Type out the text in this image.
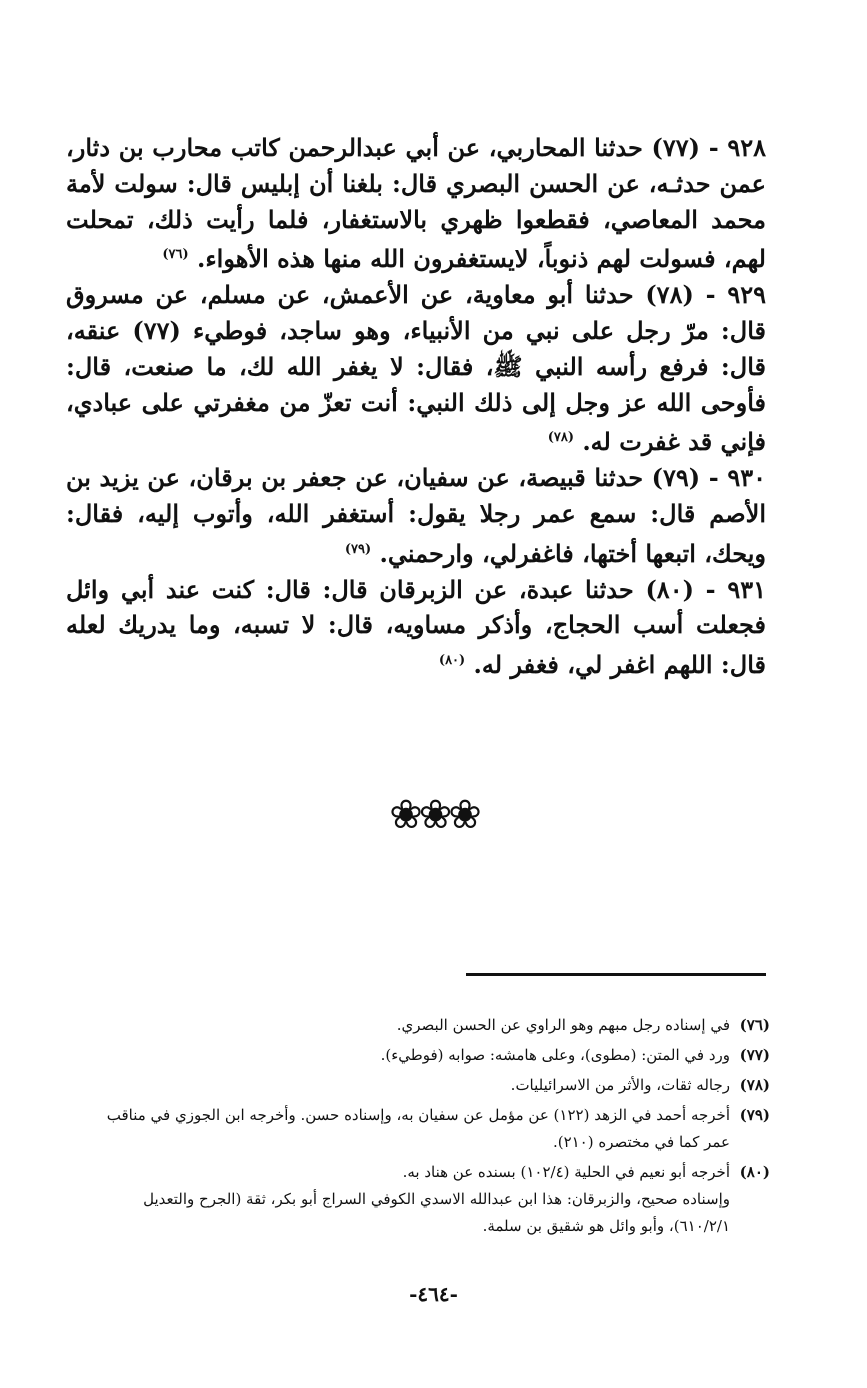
٩٢٨ - (٧٧) حدثنا المحاربي، عن أبي عبدالرحمن كاتب محارب بن دثار، عمن حدثـه، عن الحسن البصري قال: بلغنا أن إبليس قال: سولت لأمة محمد المعاصي، فقطعوا ظهري بالاستغفار، فلما رأيت ذلك، تمحلت لهم، فسولت لهم ذنوباً، لايستغفرون الله منها هذه الأهواء. $^{(٧٦)}$

٩٢٩ - (٧٨) حدثنا أبو معاوية، عن الأعمش، عن مسلم، عن مسروق قال: مرّ رجل على نبي من الأنبياء، وهو ساجد، فوطيء (٧٧) عنقه، قال: فرفع رأسه النبي ﷺ، فقال: لا يغفر الله لك، ما صنعت، قال: فأوحى الله عز وجل إلى ذلك النبي: أنت تعزّ من مغفرتي على عبادي، فإني قد غفرت له. $^{(٧٨)}$

٩٣٠ - (٧٩) حدثنا قبيصة، عن سفيان، عن جعفر بن برقان، عن يزيد بن الأصم قال: سمع عمر رجلا يقول: أستغفر الله، وأتوب إليه، فقال: ويحك، اتبعها أختها، فاغفرلي، وارحمني. $^{(٧٩)}$

٩٣١ - (٨٠) حدثنا عبدة، عن الزبرقان قال: قال: كنت عند أبي وائل فجعلت أسب الحجاج، وأذكر مساويه، قال: لا تسبه، وما يدريك لعله قال: اللهم اغفر لي، فغفر له. $^{(٨٠)}$

❀❀❀
(٧٦)
في إسناده رجل مبهم وهو الراوي عن الحسن البصري.
(٧٧)
ورد في المتن: (مطوى)، وعلى هامشه: صوابه (فوطيء).
(٧٨)
رجاله ثقات، والأثر من الاسرائيليات.
(٧٩)
أخرجه أحمد في الزهد (١٢٢) عن مؤمل عن سفيان به، وإسناده حسن. وأخرجه ابن الجوزي في مناقب
عمر كما في مختصره (٢١٠).
(٨٠)
أخرجه أبو نعيم في الحلية (١٠٢/٤) بسنده عن هناد به.
وإسناده صحيح، والزبرقان: هذا ابن عبدالله الاسدي الكوفي السراج أبو بكر، ثقة (الجرح والتعديل
٦١٠/٢/١)، وأبو وائل هو شقيق بن سلمة.
-٤٦٤-
